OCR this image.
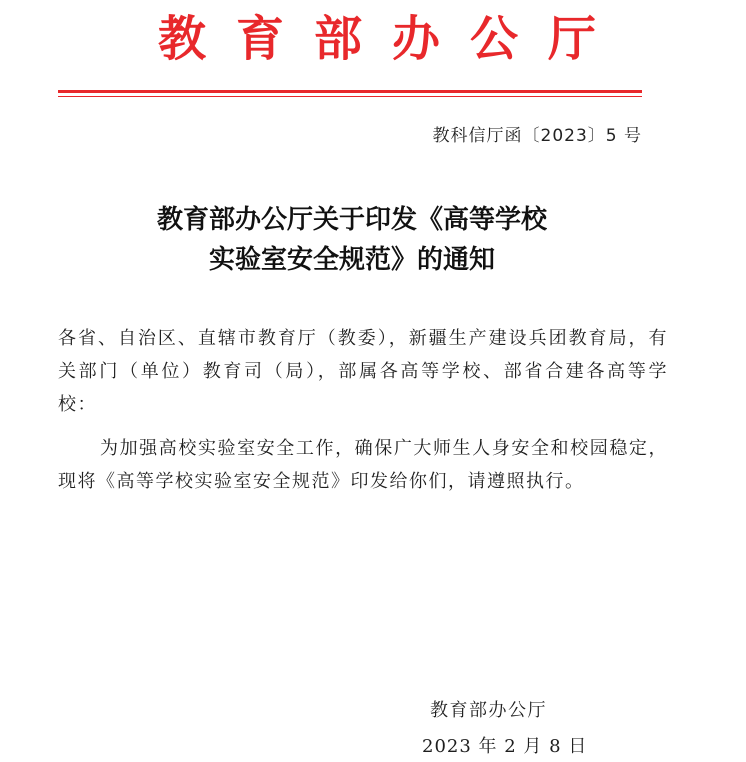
教育部办公厅
教科信厅函〔2023〕5 号
教育部办公厅关于印发《高等学校
实验室安全规范》的通知
各省、自治区、直辖市教育厅（教委），新疆生产建设兵团教育局，有关部门（单位）教育司（局），部属各高等学校、部省合建各高等学校：
为加强高校实验室安全工作，确保广大师生人身安全和校园稳定，现将《高等学校实验室安全规范》印发给你们，请遵照执行。
教育部办公厅
2023 年 2 月 8 日
